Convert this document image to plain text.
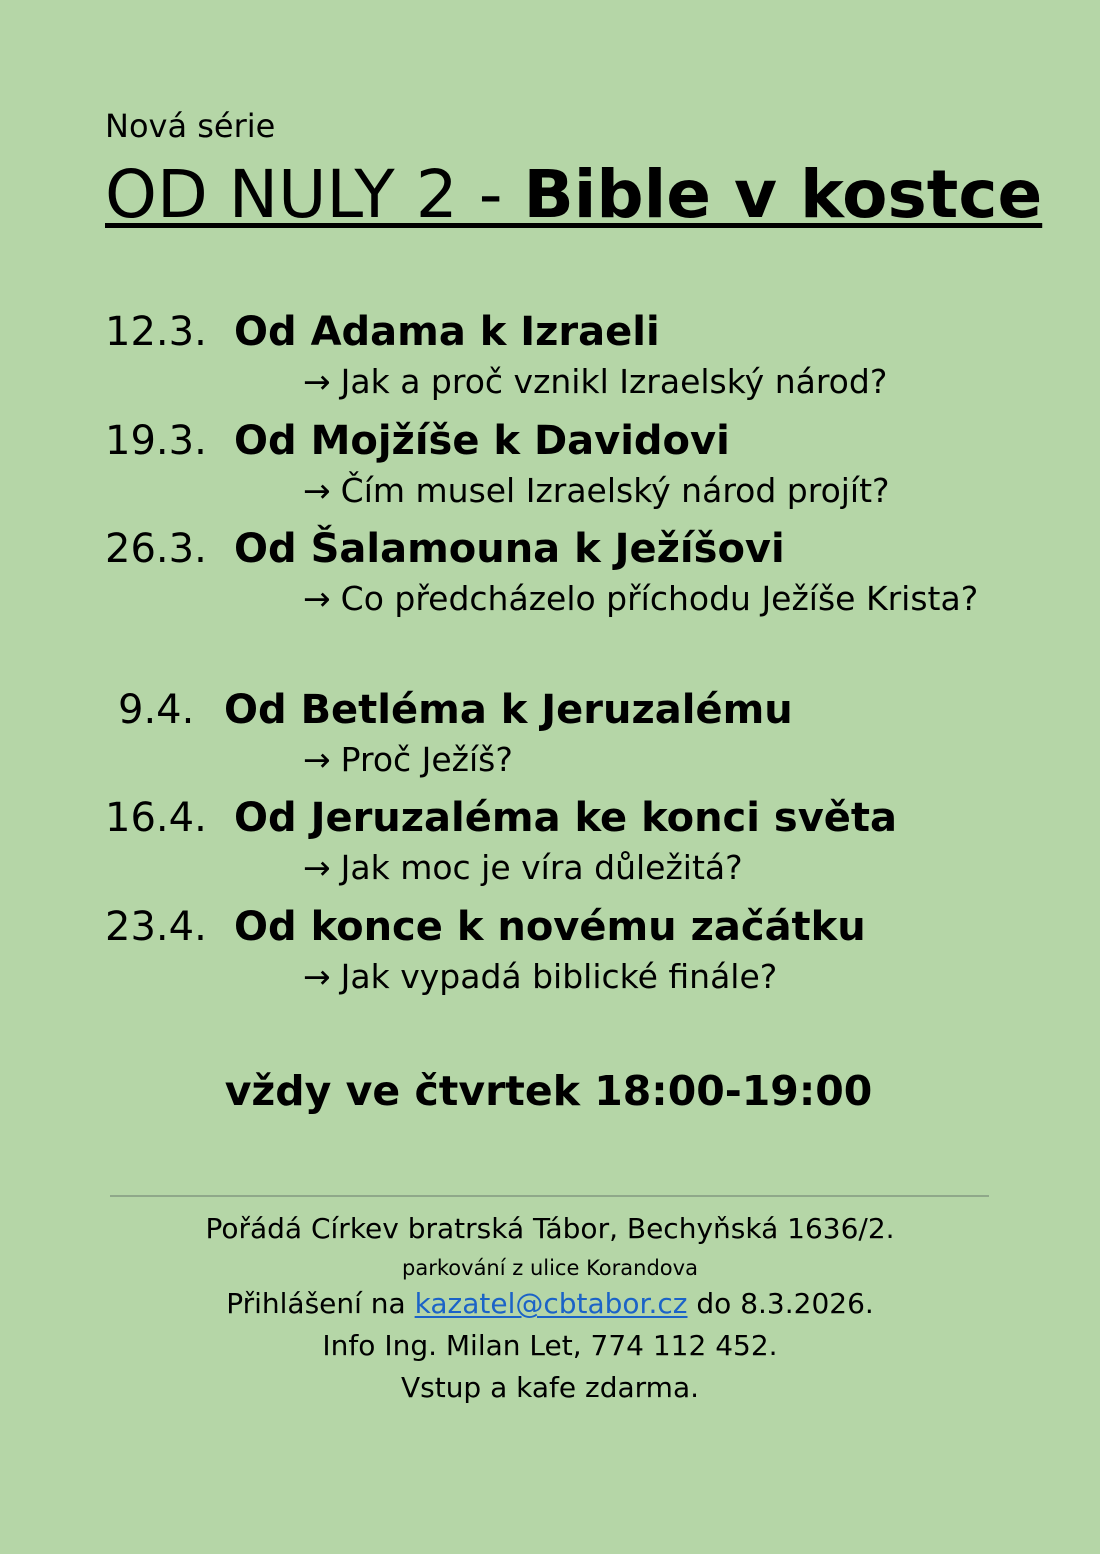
Nová série
OD NULY 2 - Bible v kostce
12.3. Od Adama k Izraeli
→ Jak a proč vznikl Izraelský národ?
19.3. Od Mojžíše k Davidovi
→ Čím musel Izraelský národ projít?
26.3. Od Šalamouna k Ježíšovi
→ Co předcházelo příchodu Ježíše Krista?
9.4. Od Betléma k Jeruzalému
→ Proč Ježíš?
16.4. Od Jeruzaléma ke konci světa
→ Jak moc je víra důležitá?
23.4. Od konce k novému začátku
→ Jak vypadá biblické finále?
vždy ve čtvrtek 18:00-19:00
Pořádá Církev bratrská Tábor, Bechyňská 1636/2.
parkování z ulice Korandova
Přihlášení na kazatel@cbtabor.cz do 8.3.2026.
Info Ing. Milan Let, 774 112 452.
Vstup a kafe zdarma.
